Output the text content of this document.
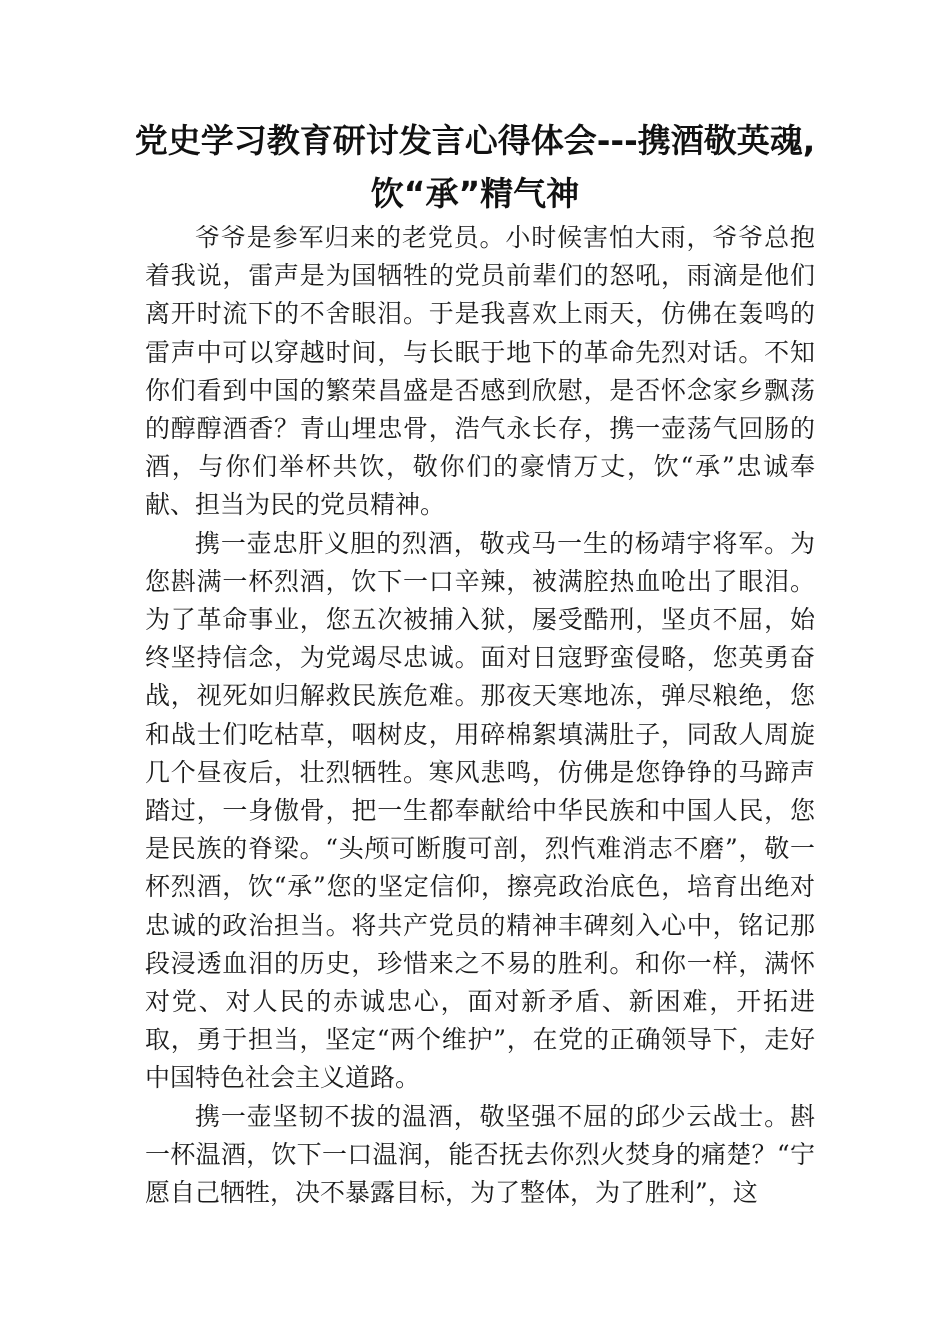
党史学习教育研讨发言心得体会---携酒敬英魂,饮“承”精气神

爷爷是参军归来的老党员。小时候害怕大雨，爷爷总抱着我说，雷声是为国牺牲的党员前辈们的怒吼，雨滴是他们离开时流下的不舍眼泪。于是我喜欢上雨天，仿佛在轰鸣的雷声中可以穿越时间，与长眠于地下的革命先烈对话。不知你们看到中国的繁荣昌盛是否感到欣慰，是否怀念家乡飘荡的醇醇酒香？青山埋忠骨，浩气永长存，携一壶荡气回肠的酒，与你们举杯共饮，敬你们的豪情万丈，饮“承”忠诚奉献、担当为民的党员精神。

携一壶忠肝义胆的烈酒，敬戎马一生的杨靖宇将军。为您斟满一杯烈酒，饮下一口辛辣，被满腔热血呛出了眼泪。为了革命事业，您五次被捕入狱，屡受酷刑，坚贞不屈，始终坚持信念，为党竭尽忠诚。面对日寇野蛮侵略，您英勇奋战，视死如归解救民族危难。那夜天寒地冻，弹尽粮绝，您和战士们吃枯草，咽树皮，用碎棉絮填满肚子，同敌人周旋几个昼夜后，壮烈牺牲。寒风悲鸣，仿佛是您铮铮的马蹄声踏过，一身傲骨，把一生都奉献给中华民族和中国人民，您是民族的脊梁。“头颅可断腹可剖，烈忾难消志不磨”，敬一杯烈酒，饮“承”您的坚定信仰，擦亮政治底色，培育出绝对忠诚的政治担当。将共产党员的精神丰碑刻入心中，铭记那段浸透血泪的历史，珍惜来之不易的胜利。和你一样，满怀对党、对人民的赤诚忠心，面对新矛盾、新困难，开拓进取，勇于担当，坚定“两个维护”，在党的正确领导下，走好中国特色社会主义道路。

携一壶坚韧不拔的温酒，敬坚强不屈的邱少云战士。斟一杯温酒，饮下一口温润，能否抚去你烈火焚身的痛楚？“宁愿自己牺牲，决不暴露目标，为了整体，为了胜利”，这
